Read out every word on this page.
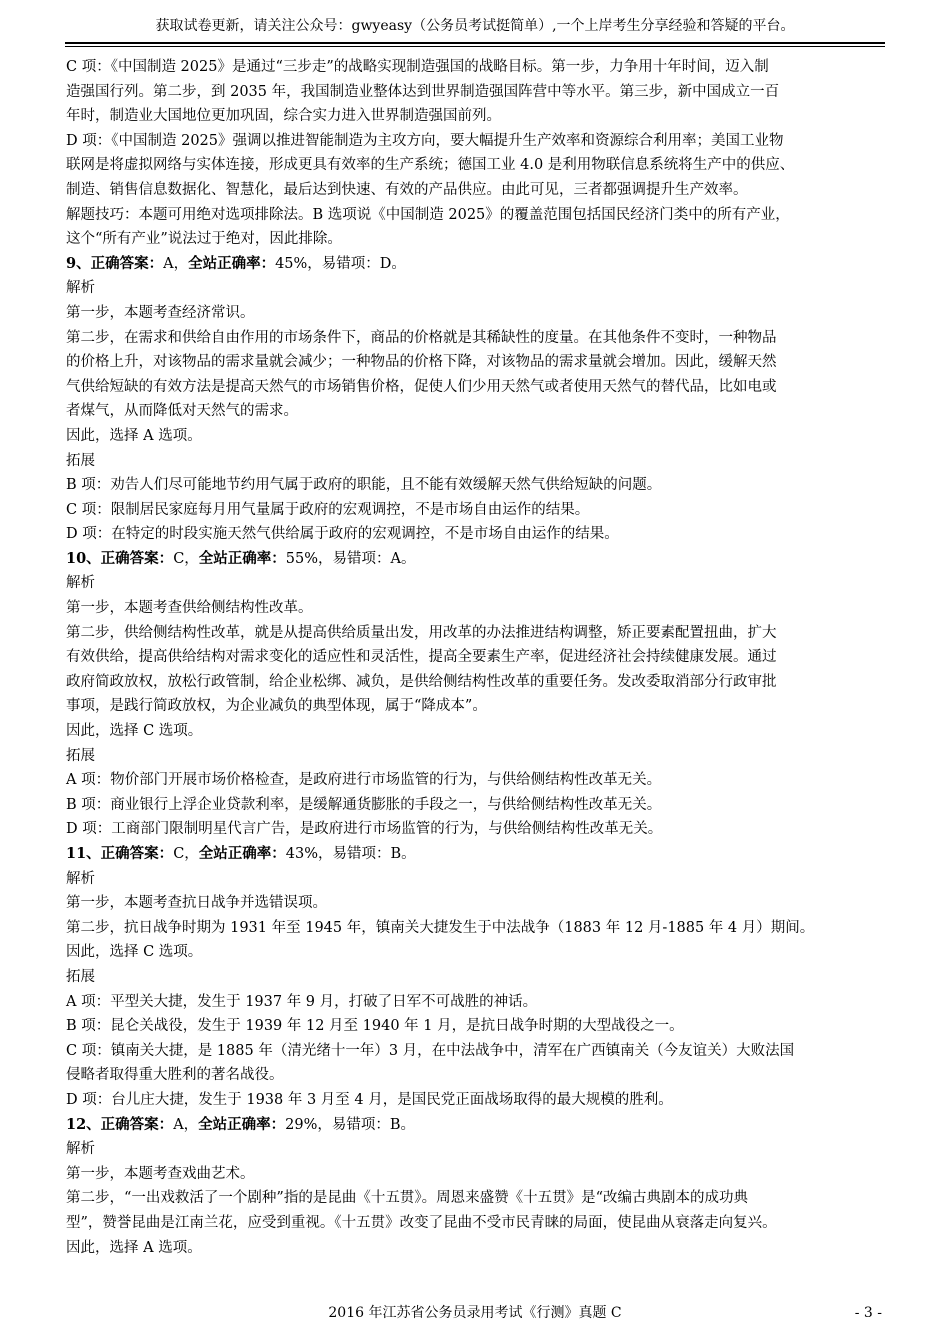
获取试卷更新，请关注公众号：gwyeasy（公务员考试挺简单）,一个上岸考生分享经验和答疑的平台。

C 项：《中国制造 2025》是通过“三步走”的战略实现制造强国的战略目标。第一步，力争用十年时间，迈入制

造强国行列。第二步，到 2035 年，我国制造业整体达到世界制造强国阵营中等水平。第三步，新中国成立一百

年时，制造业大国地位更加巩固，综合实力进入世界制造强国前列。

D 项：《中国制造 2025》强调以推进智能制造为主攻方向，要大幅提升生产效率和资源综合利用率；美国工业物

联网是将虚拟网络与实体连接，形成更具有效率的生产系统；德国工业 4.0 是利用物联信息系统将生产中的供应、

制造、销售信息数据化、智慧化，最后达到快速、有效的产品供应。由此可见，三者都强调提升生产效率。

解题技巧：本题可用绝对选项排除法。B 选项说《中国制造 2025》的覆盖范围包括国民经济门类中的所有产业，

这个“所有产业”说法过于绝对，因此排除。

9、正确答案：A，全站正确率：45%，易错项：D。

解析

第一步，本题考查经济常识。

第二步，在需求和供给自由作用的市场条件下，商品的价格就是其稀缺性的度量。在其他条件不变时，一种物品

的价格上升，对该物品的需求量就会减少；一种物品的价格下降，对该物品的需求量就会增加。因此，缓解天然

气供给短缺的有效方法是提高天然气的市场销售价格，促使人们少用天然气或者使用天然气的替代品，比如电或

者煤气，从而降低对天然气的需求。

因此，选择 A 选项。

拓展

B 项：劝告人们尽可能地节约用气属于政府的职能，且不能有效缓解天然气供给短缺的问题。

C 项：限制居民家庭每月用气量属于政府的宏观调控，不是市场自由运作的结果。

D 项：在特定的时段实施天然气供给属于政府的宏观调控，不是市场自由运作的结果。

10、正确答案：C，全站正确率：55%，易错项：A。

解析

第一步，本题考查供给侧结构性改革。

第二步，供给侧结构性改革，就是从提高供给质量出发，用改革的办法推进结构调整，矫正要素配置扭曲，扩大

有效供给，提高供给结构对需求变化的适应性和灵活性，提高全要素生产率，促进经济社会持续健康发展。通过

政府简政放权，放松行政管制，给企业松绑、减负，是供给侧结构性改革的重要任务。发改委取消部分行政审批

事项，是践行简政放权，为企业减负的典型体现，属于“降成本”。

因此，选择 C 选项。

拓展

A 项：物价部门开展市场价格检查，是政府进行市场监管的行为，与供给侧结构性改革无关。

B 项：商业银行上浮企业贷款利率，是缓解通货膨胀的手段之一，与供给侧结构性改革无关。

D 项：工商部门限制明星代言广告，是政府进行市场监管的行为，与供给侧结构性改革无关。

11、正确答案：C，全站正确率：43%，易错项：B。

解析

第一步，本题考查抗日战争并选错误项。

第二步，抗日战争时期为 1931 年至 1945 年，镇南关大捷发生于中法战争（1883 年 12 月-1885 年 4 月）期间。

因此，选择 C 选项。

拓展

A 项：平型关大捷，发生于 1937 年 9 月，打破了日军不可战胜的神话。

B 项：昆仑关战役，发生于 1939 年 12 月至 1940 年 1 月，是抗日战争时期的大型战役之一。

C 项：镇南关大捷，是 1885 年（清光绪十一年）3 月，在中法战争中，清军在广西镇南关（今友谊关）大败法国

侵略者取得重大胜利的著名战役。

D 项：台儿庄大捷，发生于 1938 年 3 月至 4 月，是国民党正面战场取得的最大规模的胜利。

12、正确答案：A，全站正确率：29%，易错项：B。

解析

第一步，本题考查戏曲艺术。

第二步，“一出戏救活了一个剧种”指的是昆曲《十五贯》。周恩来盛赞《十五贯》是“改编古典剧本的成功典

型”，赞誉昆曲是江南兰花，应受到重视。《十五贯》改变了昆曲不受市民青睐的局面，使昆曲从衰落走向复兴。

因此，选择 A 选项。

2016 年江苏省公务员录用考试《行测》真题 C	- 3 -
